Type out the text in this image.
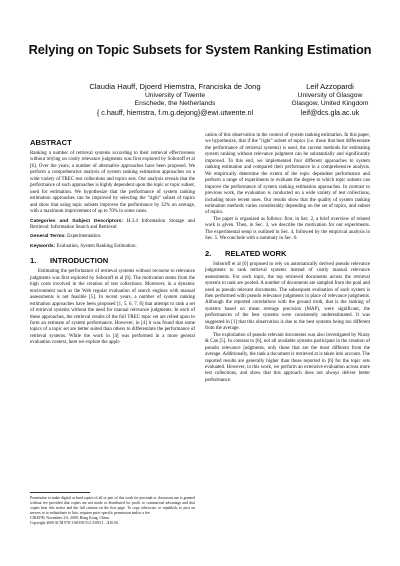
Relying on Topic Subsets for System Ranking Estimation
Claudia Hauff, Djoerd Hiemstra, Franciska de Jong
University of Twente
Enschede, the Netherlands
{ c.hauff, hiemstra, f.m.g.dejong}@ewi.utwente.nl
Leif Azzopardi
University of Glasgow
Glasgow, United Kingdom
leif@dcs.gla.ac.uk
ABSTRACT

Ranking a number of retrieval systems according to their retrieval effectiveness without relying on costly relevance judgments was first explored by Soboroff et al [6]. Over the years, a number of alternative approaches have been proposed. We perform a comprehensive analysis of system ranking estimation approaches on a wide variety of TREC test collections and topics sets. Our analysis reveals that the performance of such approaches is highly dependent upon the topic or topic subset, used for estimation. We hypothesize that the performance of system ranking estimation approaches can be improved by selecting the "right" subset of topics and show that using topic subsets improves the performance by 32% on average, with a maximum improvement of up to 70% in some cases.

Categories and Subject Descriptors: H.3.4 Information Storage and Retrieval: Information Search and Retrieval

General Terms: Experimentation.

Keywords: Evaluation, System Ranking Estimation.

1. INTRODUCTION

Estimating the performance of retrieval systems without recourse to relevance judgments was first explored by Soboroff et al [6]. The motivation stems from the high costs involved in the creation of test collections. Moreover, in a dynamic environment such as the Web regular evaluation of search engines with manual assessments is not feasible [5]. In recent years, a number of system ranking estimation approaches have been proposed [1, 5, 6, 7, 8] that attempt to rank a set of retrieval systems without the need for manual relevance judgments. In each of these approaches, the retrieval results of the full TREC topic set are relied upon to form an estimate of system performance. However, in [4] it was found that some topics of a topic set are better suited than others to differentiate the performance of retrieval systems. While the work in [4] was performed in a more general evaluation context, here we explore the appli-

cation of this observation in the context of system ranking estimation. In this paper, we hypothesize, that if the "right" subset of topics (i.e. those that best differentiate the performance of retrieval systems) is used, the current methods for estimating system ranking without relevance judgment can be substantially and significantly improved. To this end, we implemented four different approaches to system ranking estimation and compared their performance in a comprehensive analysis. We empirically determine the extent of the topic dependent performance and perform a range of experiments to evaluate the degree to which topic subsets can improve the performance of system ranking estimation approaches. In contrast to previous work, the evaluation is conducted on a wide variety of test collections, including more recent ones. Our results show that the quality of system ranking estimation methods varies considerably depending on the set of topics, and subset of topics.

The paper is organized as follows: first, in Sec. 2, a brief overview of related work is given. Then, in Sec. 3, we describe the motivation for our experiments. The experimental setup is outlined in Sec. 4, followed by the empirical analysis in Sec. 5. We conclude with a summary in Sec. 6.

2. RELATED WORK

Soboroff et al [6] proposed to rely on automatically derived pseudo relevance judgments to rank retrieval systems instead of costly manual relevance assessments. For each topic, the top retrieved documents across the retrieval systems to rank are pooled. A number of documents are sampled from the pool and used as pseudo relevant documents. The subsequent evaluation of each system is then performed with pseudo relevance judgments in place of relevance judgments. Although the reported correlations with the ground truth, that is the ranking of systems based on mean average precision (MAP), were significant, the performances of the best systems were consistently underestimated. It was suggested in [1] that this observation is due to the best systems being too different from the average.

The exploitation of pseudo relevant documents was also investigated by Nuray & Can [5]. In contrast to [6], not all available systems participate in the creation of pseudo relevance judgments, only those that are the most different from the average. Additionally, the rank a document is retrieved at is taken into account. The reported results are generally higher than those reported in [6] for the topic sets evaluated. However, in this work, we perform an extensive evaluation across more test collections, and show that this approach does not always deliver better performance.

Permission to make digital or hard copies of all or part of this work for personal or classroom use is granted without fee provided that copies are not made or distributed for profit or commercial advantage and that copies bear this notice and the full citation on the first page. To copy otherwise, to republish, to post on servers or to redistribute to lists, requires prior specific permission and/or a fee.
CIKM'09, November 2-6, 2009, Hong Kong, China.
Copyright 2009 ACM 978-1-60558-512-3/09/11 ...$10.00.
